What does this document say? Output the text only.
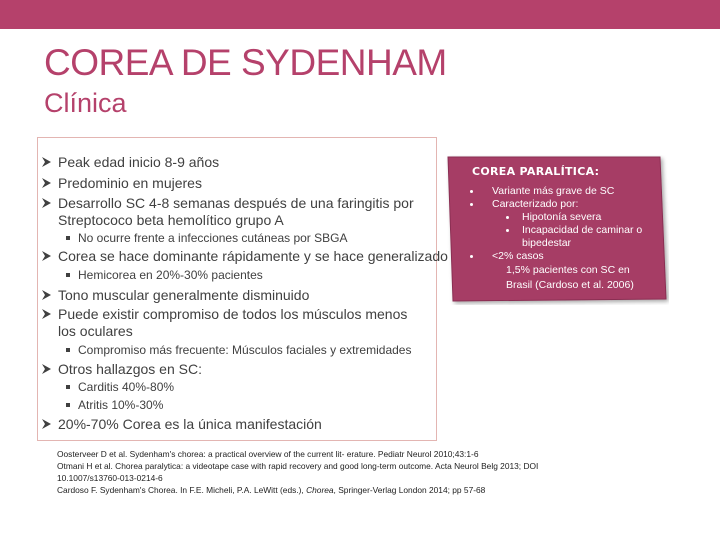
COREA DE SYDENHAM
Clínica
Peak edad inicio 8-9 años
Predominio en mujeres
Desarrollo SC 4-8 semanas después de una faringitis por
Streptococo beta hemolítico grupo A
No ocurre frente a infecciones cutáneas por SBGA
Corea se hace dominante rápidamente y se hace generalizado
Hemicorea en 20%-30% pacientes
Tono muscular generalmente disminuido
Puede existir compromiso de todos los músculos menos
los oculares
Compromiso más frecuente: Músculos faciales y extremidades
Otros hallazgos en SC:
Carditis 40%-80%
Atritis 10%-30%
20%-70% Corea es la única manifestación
COREA PARALÍTICA:
Variante más grave de SC
Caracterizado por:
Hipotonía severa
Incapacidad de caminar o
bipedestar
<2% casos
1,5% pacientes con SC en
Brasil (Cardoso et al. 2006)
Oosterveer D et al. Sydenham's chorea: a practical overview of the current lit- erature. Pediatr Neurol 2010;43:1-6
Otmani H et al. Chorea paralytica: a videotape case with rapid recovery and good long-term outcome. Acta Neurol Belg 2013; DOI
10.1007/s13760-013-0214-6
Cardoso F. Sydenham's Chorea. In F.E. Micheli, P.A. LeWitt (eds.), Chorea, Springer-Verlag London 2014; pp 57-68
